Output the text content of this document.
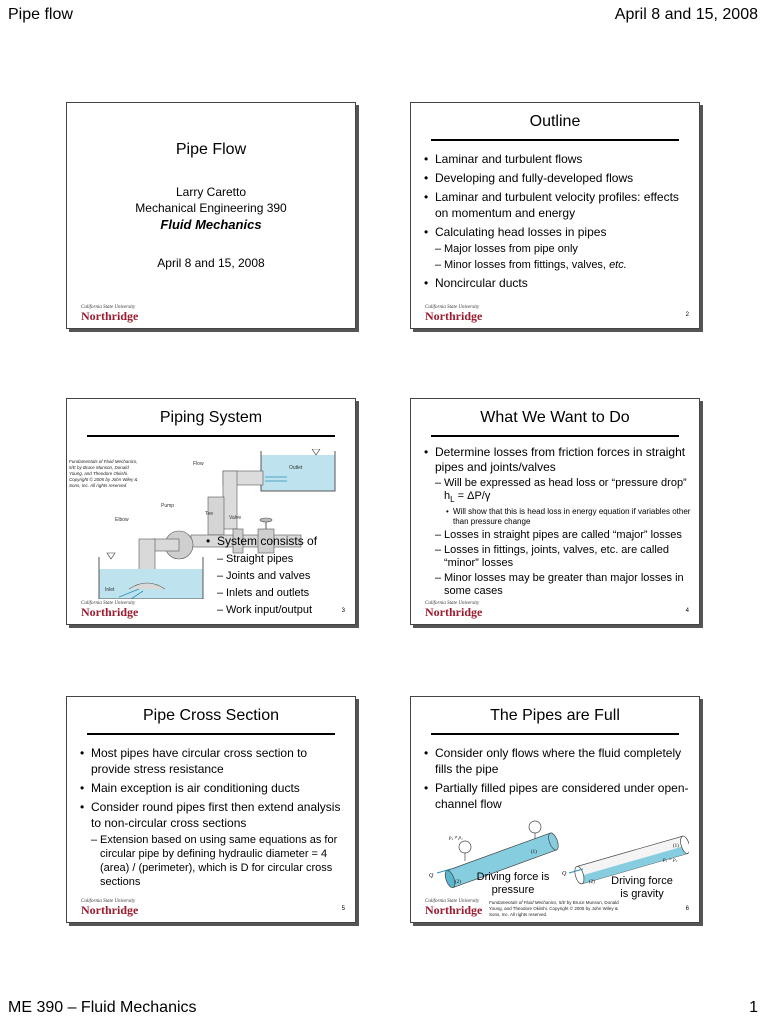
Pipe flow	April 8 and 15, 2008
ME 390 – Fluid Mechanics	1
Pipe Flow
Larry Caretto
Mechanical Engineering 390
Fluid Mechanics
April 8 and 15, 2008
California State University
Northridge
Outline
• Laminar and turbulent flows
• Developing and fully-developed flows
• Laminar and turbulent velocity profiles: effects on momentum and energy
• Calculating head losses in pipes
– Major losses from pipe only
– Minor losses from fittings, valves, etc.
• Noncircular ducts
California State University
Northridge	2
Piping System
Fundamentals of Fluid Mechanics, 5/E by Bruce Munson, Donald Young, and Theodore Okiishi. Copyright © 2005 by John Wiley & Sons, Inc. All rights reserved.
Outlet
Flow
Pump
Elbow
Tee
Valve
Inlet
• System consists of
– Straight pipes
– Joints and valves
– Inlets and outlets
– Work input/output
California State University
Northridge	3
What We Want to Do
• Determine losses from friction forces in straight pipes and joints/valves
– Will be expressed as head loss or “pressure drop” $h_L = \Delta P/\gamma$
• Will show that this is head loss in energy equation if variables other than pressure change
– Losses in straight pipes are called “major” losses
– Losses in fittings, joints, valves, etc. are called “minor” losses
– Minor losses may be greater than major losses in some cases
California State University
Northridge	4
Pipe Cross Section
• Most pipes have circular cross section to provide stress resistance
• Main exception is air conditioning ducts
• Consider round pipes first then extend analysis to non-circular cross sections
– Extension based on using same equations as for circular pipe by defining hydraulic diameter = 4 (area) / (perimeter), which is D for circular cross sections
California State University
Northridge	5
The Pipes are Full
• Consider only flows where the fluid completely fills the pipe
• Partially filled pipes are considered under open-channel flow
Q
p₂ ≠ p₁
(1)
(2)
Q
p₁ = p₂
(1)
(2)
Driving force is pressure
Driving force is gravity
Fundamentals of Fluid Mechanics, 5/E by Bruce Munson, Donald Young, and Theodore Okiishi. Copyright © 2005 by John Wiley & Sons, Inc. All rights reserved.
California State University
Northridge	6
